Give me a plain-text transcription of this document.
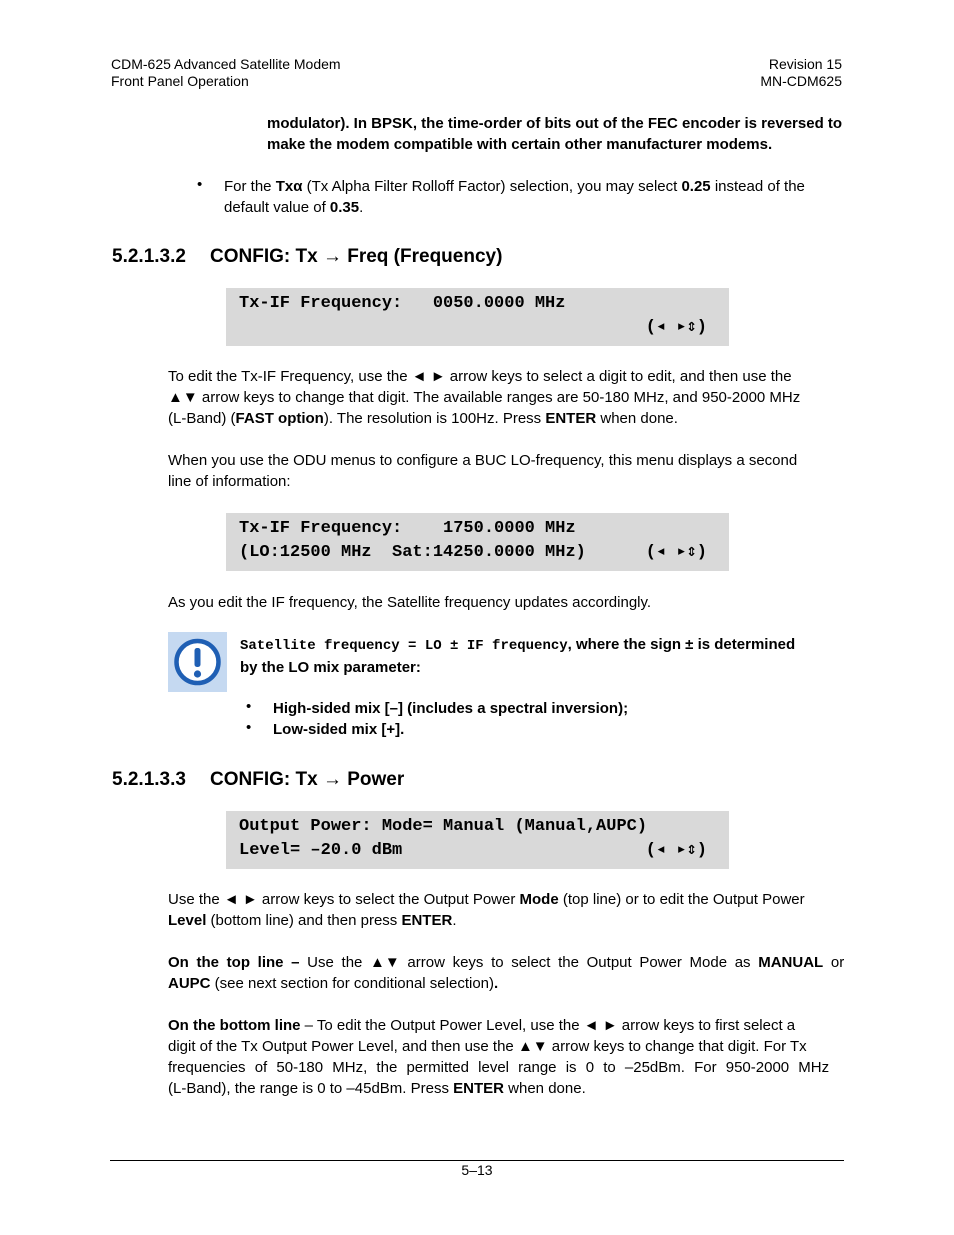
CDM-625 Advanced Satellite Modem
Front Panel Operation
Revision 15
MN-CDM625
modulator). In BPSK, the time-order of bits out of the FEC encoder is reversed to
make the modem compatible with certain other manufacturer modems.
• For the Txα (Tx Alpha Filter Rolloff Factor) selection, you may select 0.25 instead of the
default value of 0.35.
5.2.1.3.2 CONFIG: Tx → Freq (Frequency)
Tx-IF Frequency:   0050.0000 MHz
(◂ ▸⇕)
To edit the Tx-IF Frequency, use the ◄ ► arrow keys to select a digit to edit, and then use the
▲▼ arrow keys to change that digit. The available ranges are 50-180 MHz, and 950-2000 MHz
(L-Band) (FAST option). The resolution is 100Hz. Press ENTER when done.
When you use the ODU menus to configure a BUC LO-frequency, this menu displays a second
line of information:
Tx-IF Frequency:    1750.0000 MHz
(LO:12500 MHz  Sat:14250.0000 MHz)	(◂ ▸⇕)
As you edit the IF frequency, the Satellite frequency updates accordingly.
Satellite frequency = LO ± IF frequency, where the sign ± is determined
by the LO mix parameter:
• High-sided mix [–] (includes a spectral inversion);
• Low-sided mix [+].
5.2.1.3.3 CONFIG: Tx → Power
Output Power: Mode= Manual (Manual,AUPC)
Level= –20.0 dBm	(◂ ▸⇕)
Use the ◄ ► arrow keys to select the Output Power Mode (top line) or to edit the Output Power
Level (bottom line) and then press ENTER.
On the top line – Use the ▲▼ arrow keys to select the Output Power Mode as MANUAL or
AUPC (see next section for conditional selection).
On the bottom line – To edit the Output Power Level, use the ◄ ► arrow keys to first select a
digit of the Tx Output Power Level, and then use the ▲▼ arrow keys to change that digit. For Tx
frequencies of 50-180 MHz, the permitted level range is 0 to –25dBm. For 950-2000 MHz
(L-Band), the range is 0 to –45dBm. Press ENTER when done.
5–13
